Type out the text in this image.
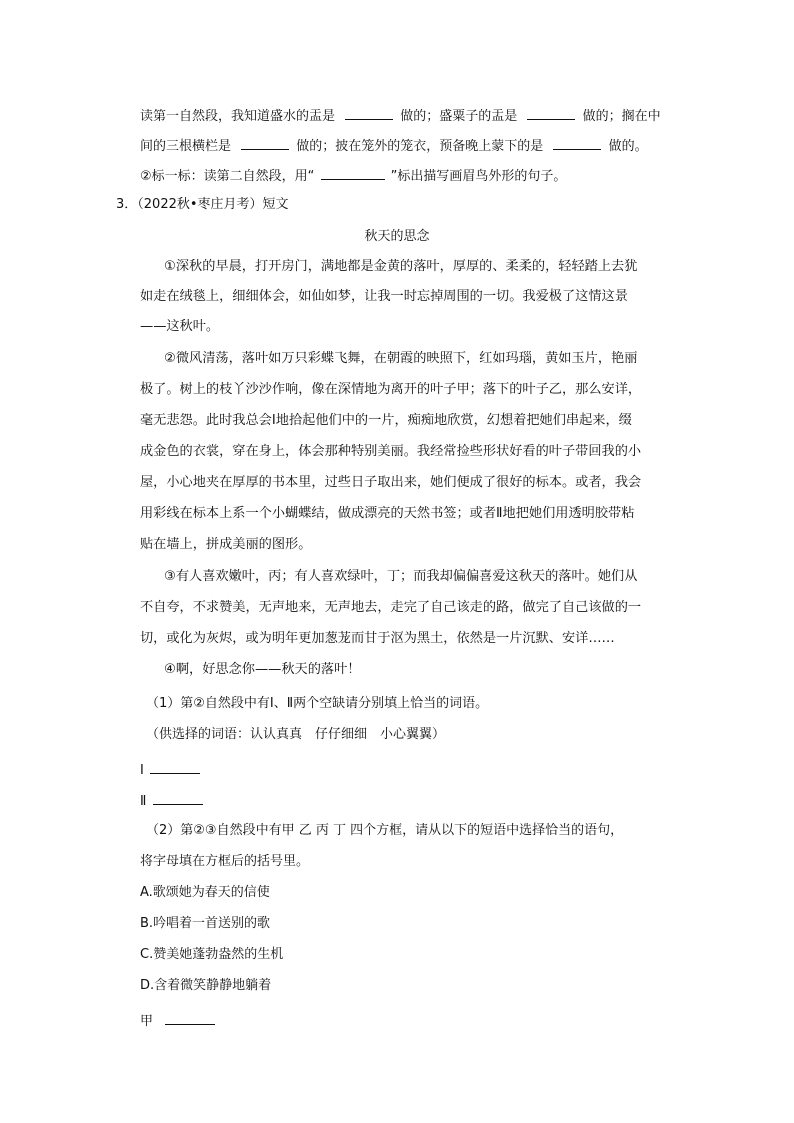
读第一自然段，我知道盛水的盂是	做的；盛粟子的盂是	做的；搁在中
间的三根横栏是	做的；披在笼外的笼衣，预备晚上蒙下的是	做的。
②标一标：读第二自然段，用“	”标出描写画眉鸟外形的句子。
3．（2022秋•枣庄月考）短文
秋天的思念
①深秋的早晨，打开房门，满地都是金黄的落叶，厚厚的、柔柔的，轻轻踏上去犹
如走在绒毯上，细细体会，如仙如梦，让我一时忘掉周围的一切。我爱极了这情这景
——这秋叶。
②微风清荡，落叶如万只彩蝶飞舞，在朝霞的映照下，红如玛瑙，黄如玉片，艳丽
极了。树上的枝丫沙沙作响，像在深情地为离开的叶子甲；落下的叶子乙，那么安详，
毫无悲怨。此时我总会Ⅰ地拾起他们中的一片，痴痴地欣赏，幻想着把她们串起来，缀
成金色的衣裳，穿在身上，体会那种特别美丽。我经常捡些形状好看的叶子带回我的小
屋，小心地夹在厚厚的书本里，过些日子取出来，她们便成了很好的标本。或者，我会
用彩线在标本上系一个小蝴蝶结，做成漂亮的天然书签；或者Ⅱ地把她们用透明胶带粘
贴在墙上，拼成美丽的图形。
③有人喜欢嫩叶，丙；有人喜欢绿叶，丁；而我却偏偏喜爱这秋天的落叶。她们从
不自夸，不求赞美，无声地来，无声地去，走完了自己该走的路，做完了自己该做的一
切，或化为灰烬，或为明年更加葱茏而甘于沤为黑土，依然是一片沉默、安详……
④啊，好思念你——秋天的落叶！
（1）第②自然段中有Ⅰ、Ⅱ两个空缺请分别填上恰当的词语。
（供选择的词语：认认真真　仔仔细细　小心翼翼）
Ⅰ
Ⅱ
（2）第②③自然段中有甲 乙 丙 丁 四个方框，请从以下的短语中选择恰当的语句，
将字母填在方框后的括号里。
A.歌颂她为春天的信使
B.吟唱着一首送别的歌
C.赞美她蓬勃盎然的生机
D.含着微笑静静地躺着
甲
